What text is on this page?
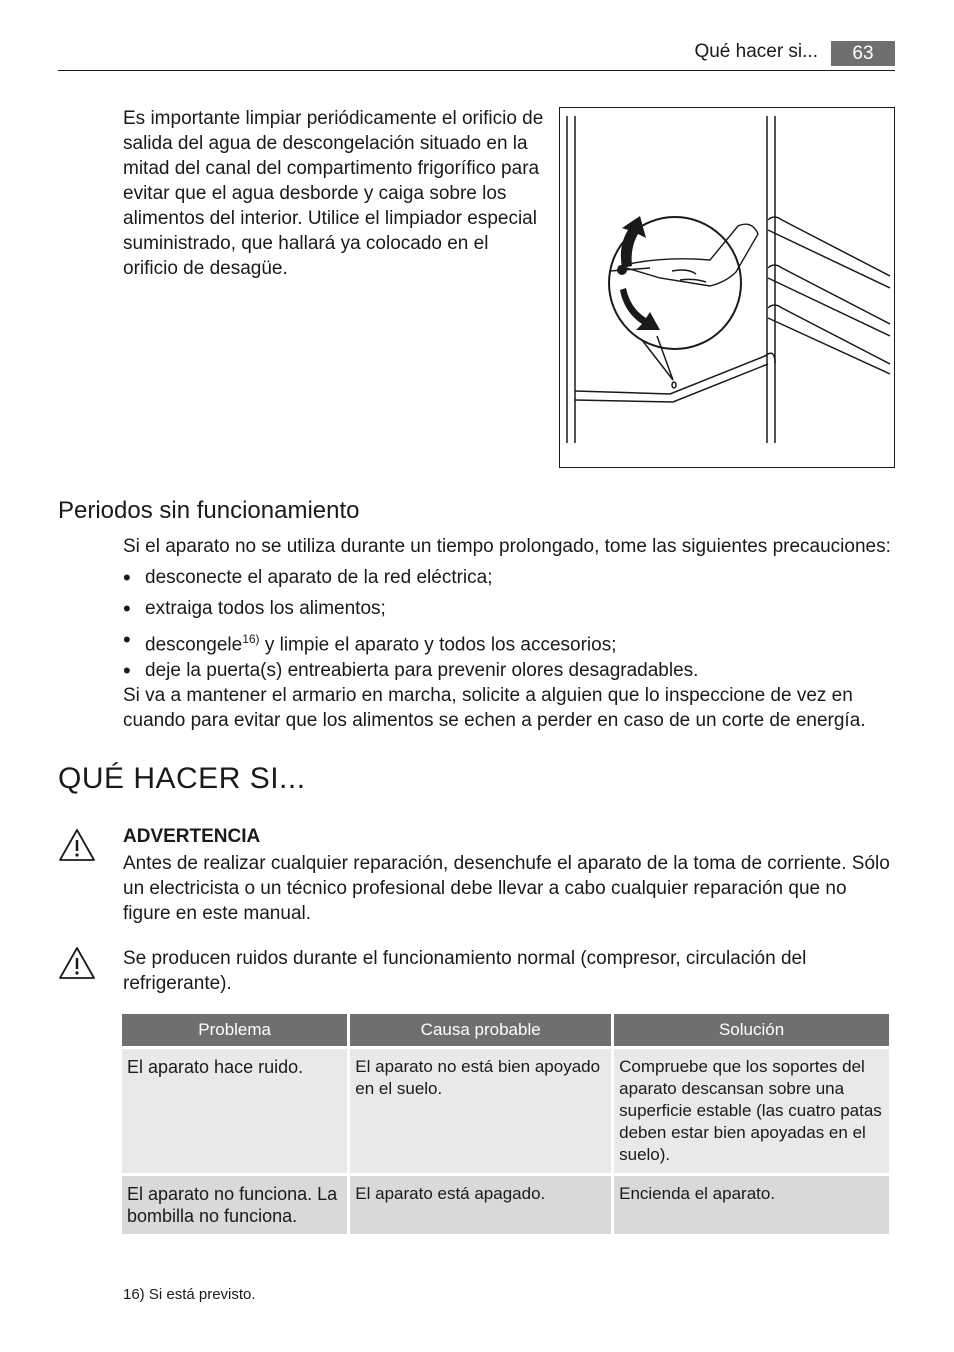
Qué hacer si...	63
Es importante limpiar periódicamente el orificio de salida del agua de descongelación situado en la mitad del canal del compartimento frigorífico para evitar que el agua desborde y caiga sobre los alimentos del interior. Utilice el limpiador especial suministrado, que hallará ya colocado en el orificio de desagüe.
Periodos sin funcionamiento
Si el aparato no se utiliza durante un tiempo prolongado, tome las siguientes precauciones:
• desconecte el aparato de la red eléctrica;
• extraiga todos los alimentos;
• descongele$^{16)}$ y limpie el aparato y todos los accesorios;
• deje la puerta(s) entreabierta para prevenir olores desagradables.
Si va a mantener el armario en marcha, solicite a alguien que lo inspeccione de vez en cuando para evitar que los alimentos se echen a perder en caso de un corte de energía.
QUÉ HACER SI...
ADVERTENCIA
Antes de realizar cualquier reparación, desenchufe el aparato de la toma de corriente. Sólo un electricista o un técnico profesional debe llevar a cabo cualquier reparación que no figure en este manual.
Se producen ruidos durante el funcionamiento normal (compresor, circulación del refrigerante).
Problema	Causa probable	Solución
El aparato hace ruido.	El aparato no está bien apoyado en el suelo.	Compruebe que los soportes del aparato descansan sobre una superficie estable (las cuatro patas deben estar bien apoyadas en el suelo).
El aparato no funciona. La bombilla no funciona.	El aparato está apagado.	Encienda el aparato.
16) Si está previsto.
